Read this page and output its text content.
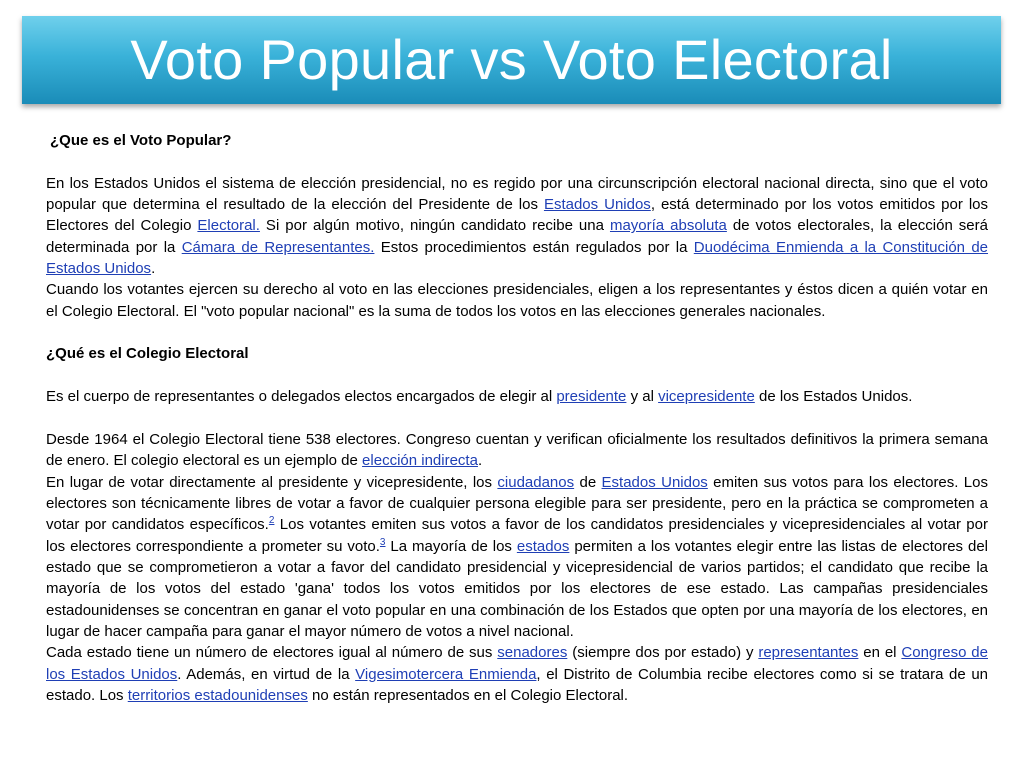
Voto Popular vs Voto Electoral

¿Que es el Voto Popular?

En los Estados Unidos el sistema de elección presidencial, no es regido por una circunscripción electoral nacional directa, sino que el voto popular que determina el resultado de la elección del Presidente de los Estados Unidos, está determinado por los votos emitidos por los Electores del Colegio Electoral. Si por algún motivo, ningún candidato recibe una mayoría absoluta de votos electorales, la elección será determinada por la Cámara de Representantes. Estos procedimientos están regulados por la Duodécima Enmienda a la Constitución de Estados Unidos.

Cuando los votantes ejercen su derecho al voto en las elecciones presidenciales, eligen a los representantes y éstos dicen a quién votar en el Colegio Electoral. El "voto popular nacional" es la suma de todos los votos en las elecciones generales nacionales.

¿Qué es el Colegio Electoral

Es el cuerpo de representantes o delegados electos encargados de elegir al presidente y al vicepresidente de los Estados Unidos.

Desde 1964 el Colegio Electoral tiene 538 electores. Congreso cuentan y verifican oficialmente los resultados definitivos la primera semana de enero. El colegio electoral es un ejemplo de elección indirecta.

En lugar de votar directamente al presidente y vicepresidente, los ciudadanos de Estados Unidos emiten sus votos para los electores. Los electores son técnicamente libres de votar a favor de cualquier persona elegible para ser presidente, pero en la práctica se comprometen a votar por candidatos específicos.$^2$ Los votantes emiten sus votos a favor de los candidatos presidenciales y vicepresidenciales al votar por los electores correspondiente a prometer su voto.$^3$ La mayoría de los estados permiten a los votantes elegir entre las listas de electores del estado que se comprometieron a votar a favor del candidato presidencial y vicepresidencial de varios partidos; el candidato que recibe la mayoría de los votos del estado 'gana' todos los votos emitidos por los electores de ese estado. Las campañas presidenciales estadounidenses se concentran en ganar el voto popular en una combinación de los Estados que opten por una mayoría de los electores, en lugar de hacer campaña para ganar el mayor número de votos a nivel nacional.

Cada estado tiene un número de electores igual al número de sus senadores (siempre dos por estado) y representantes en el Congreso de los Estados Unidos. Además, en virtud de la Vigesimotercera Enmienda, el Distrito de Columbia recibe electores como si se tratara de un estado. Los territorios estadounidenses no están representados en el Colegio Electoral.
